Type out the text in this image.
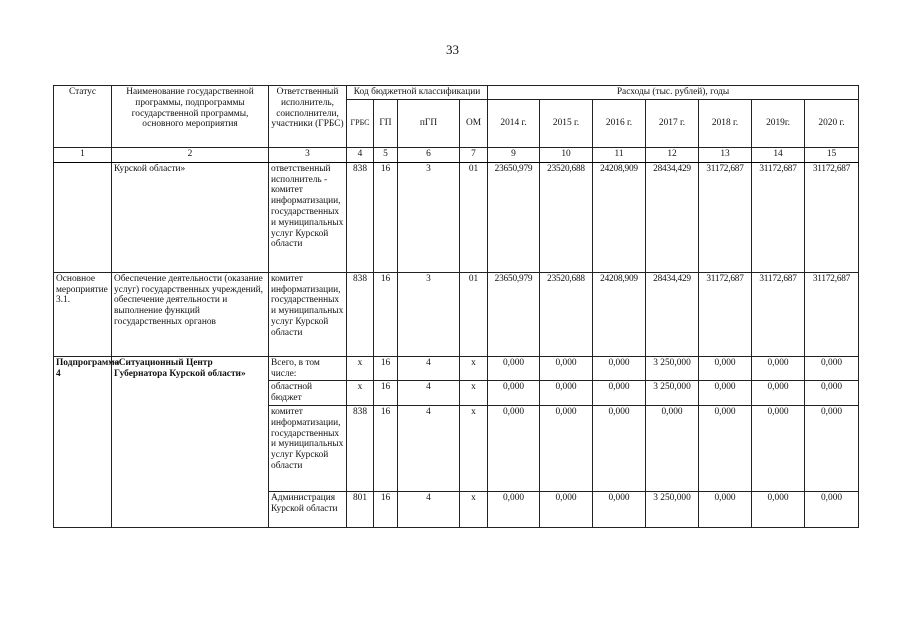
33
Статус	Наименование государственной программы, подпрограммы государственной программы, основного мероприятия	Ответственный исполнитель, соисполнители, участники (ГРБС)	Код бюджетной классификации				Расходы (тыс. рублей), годы						
			ГРБС	ГП	пГП	ОМ	2014 г.	2015 г.	2016 г.	2017 г.	2018 г.	2019г.	2020 г.
1	2	3	4	5	6	7	9	10	11	12	13	14	15
	Курской области»	ответственный исполнитель - комитет информатизации, государственных и муниципальных услуг Курской области	838	16	3	01	23650,979	23520,688	24208,909	28434,429	31172,687	31172,687	31172,687
Основное мероприятие 3.1.	Обеспечение деятельности (оказание услуг) государственных учреждений, обеспечение деятельности и выполнение функций государственных органов	комитет информатизации, государственных и муниципальных услуг Курской области	838	16	3	01	23650,979	23520,688	24208,909	28434,429	31172,687	31172,687	31172,687
Подпрограмма 4	«Ситуационный Центр Губернатора Курской области»	Всего, в том числе:	x	16	4	x	0,000	0,000	0,000	3 250,000	0,000	0,000	0,000
		областной бюджет	x	16	4	x	0,000	0,000	0,000	3 250,000	0,000	0,000	0,000
		комитет информатизации, государственных и муниципальных услуг Курской области	838	16	4	x	0,000	0,000	0,000	0,000	0,000	0,000	0,000
		Администрация Курской области	801	16	4	x	0,000	0,000	0,000	3 250,000	0,000	0,000	0,000
